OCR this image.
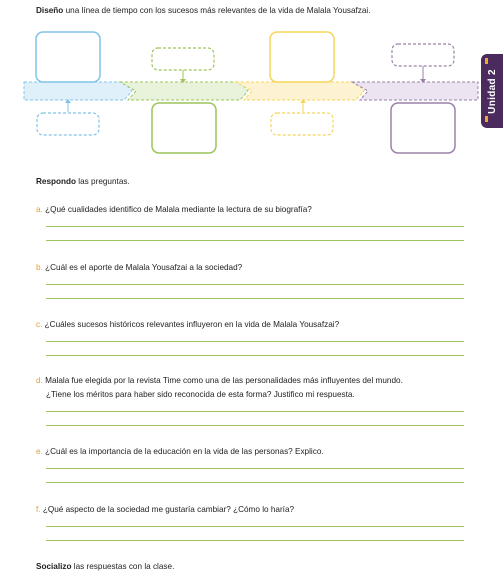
Diseño una línea de tiempo con los sucesos más relevantes de la vida de Malala Yousafzai.
Unidad 2
Respondo las preguntas.
a. ¿Qué cualidades identifico de Malala mediante la lectura de su biografía?
b. ¿Cuál es el aporte de Malala Yousafzai a la sociedad?
c. ¿Cuáles sucesos históricos relevantes influyeron en la vida de Malala Yousafzai?
d. Malala fue elegida por la revista Time como una de las personalidades más influyentes del mundo.
¿Tiene los méritos para haber sido reconocida de esta forma? Justifico mi respuesta.
e. ¿Cuál es la importancia de la educación en la vida de las personas? Explico.
f. ¿Qué aspecto de la sociedad me gustaría cambiar? ¿Cómo lo haría?
Socializo las respuestas con la clase.
